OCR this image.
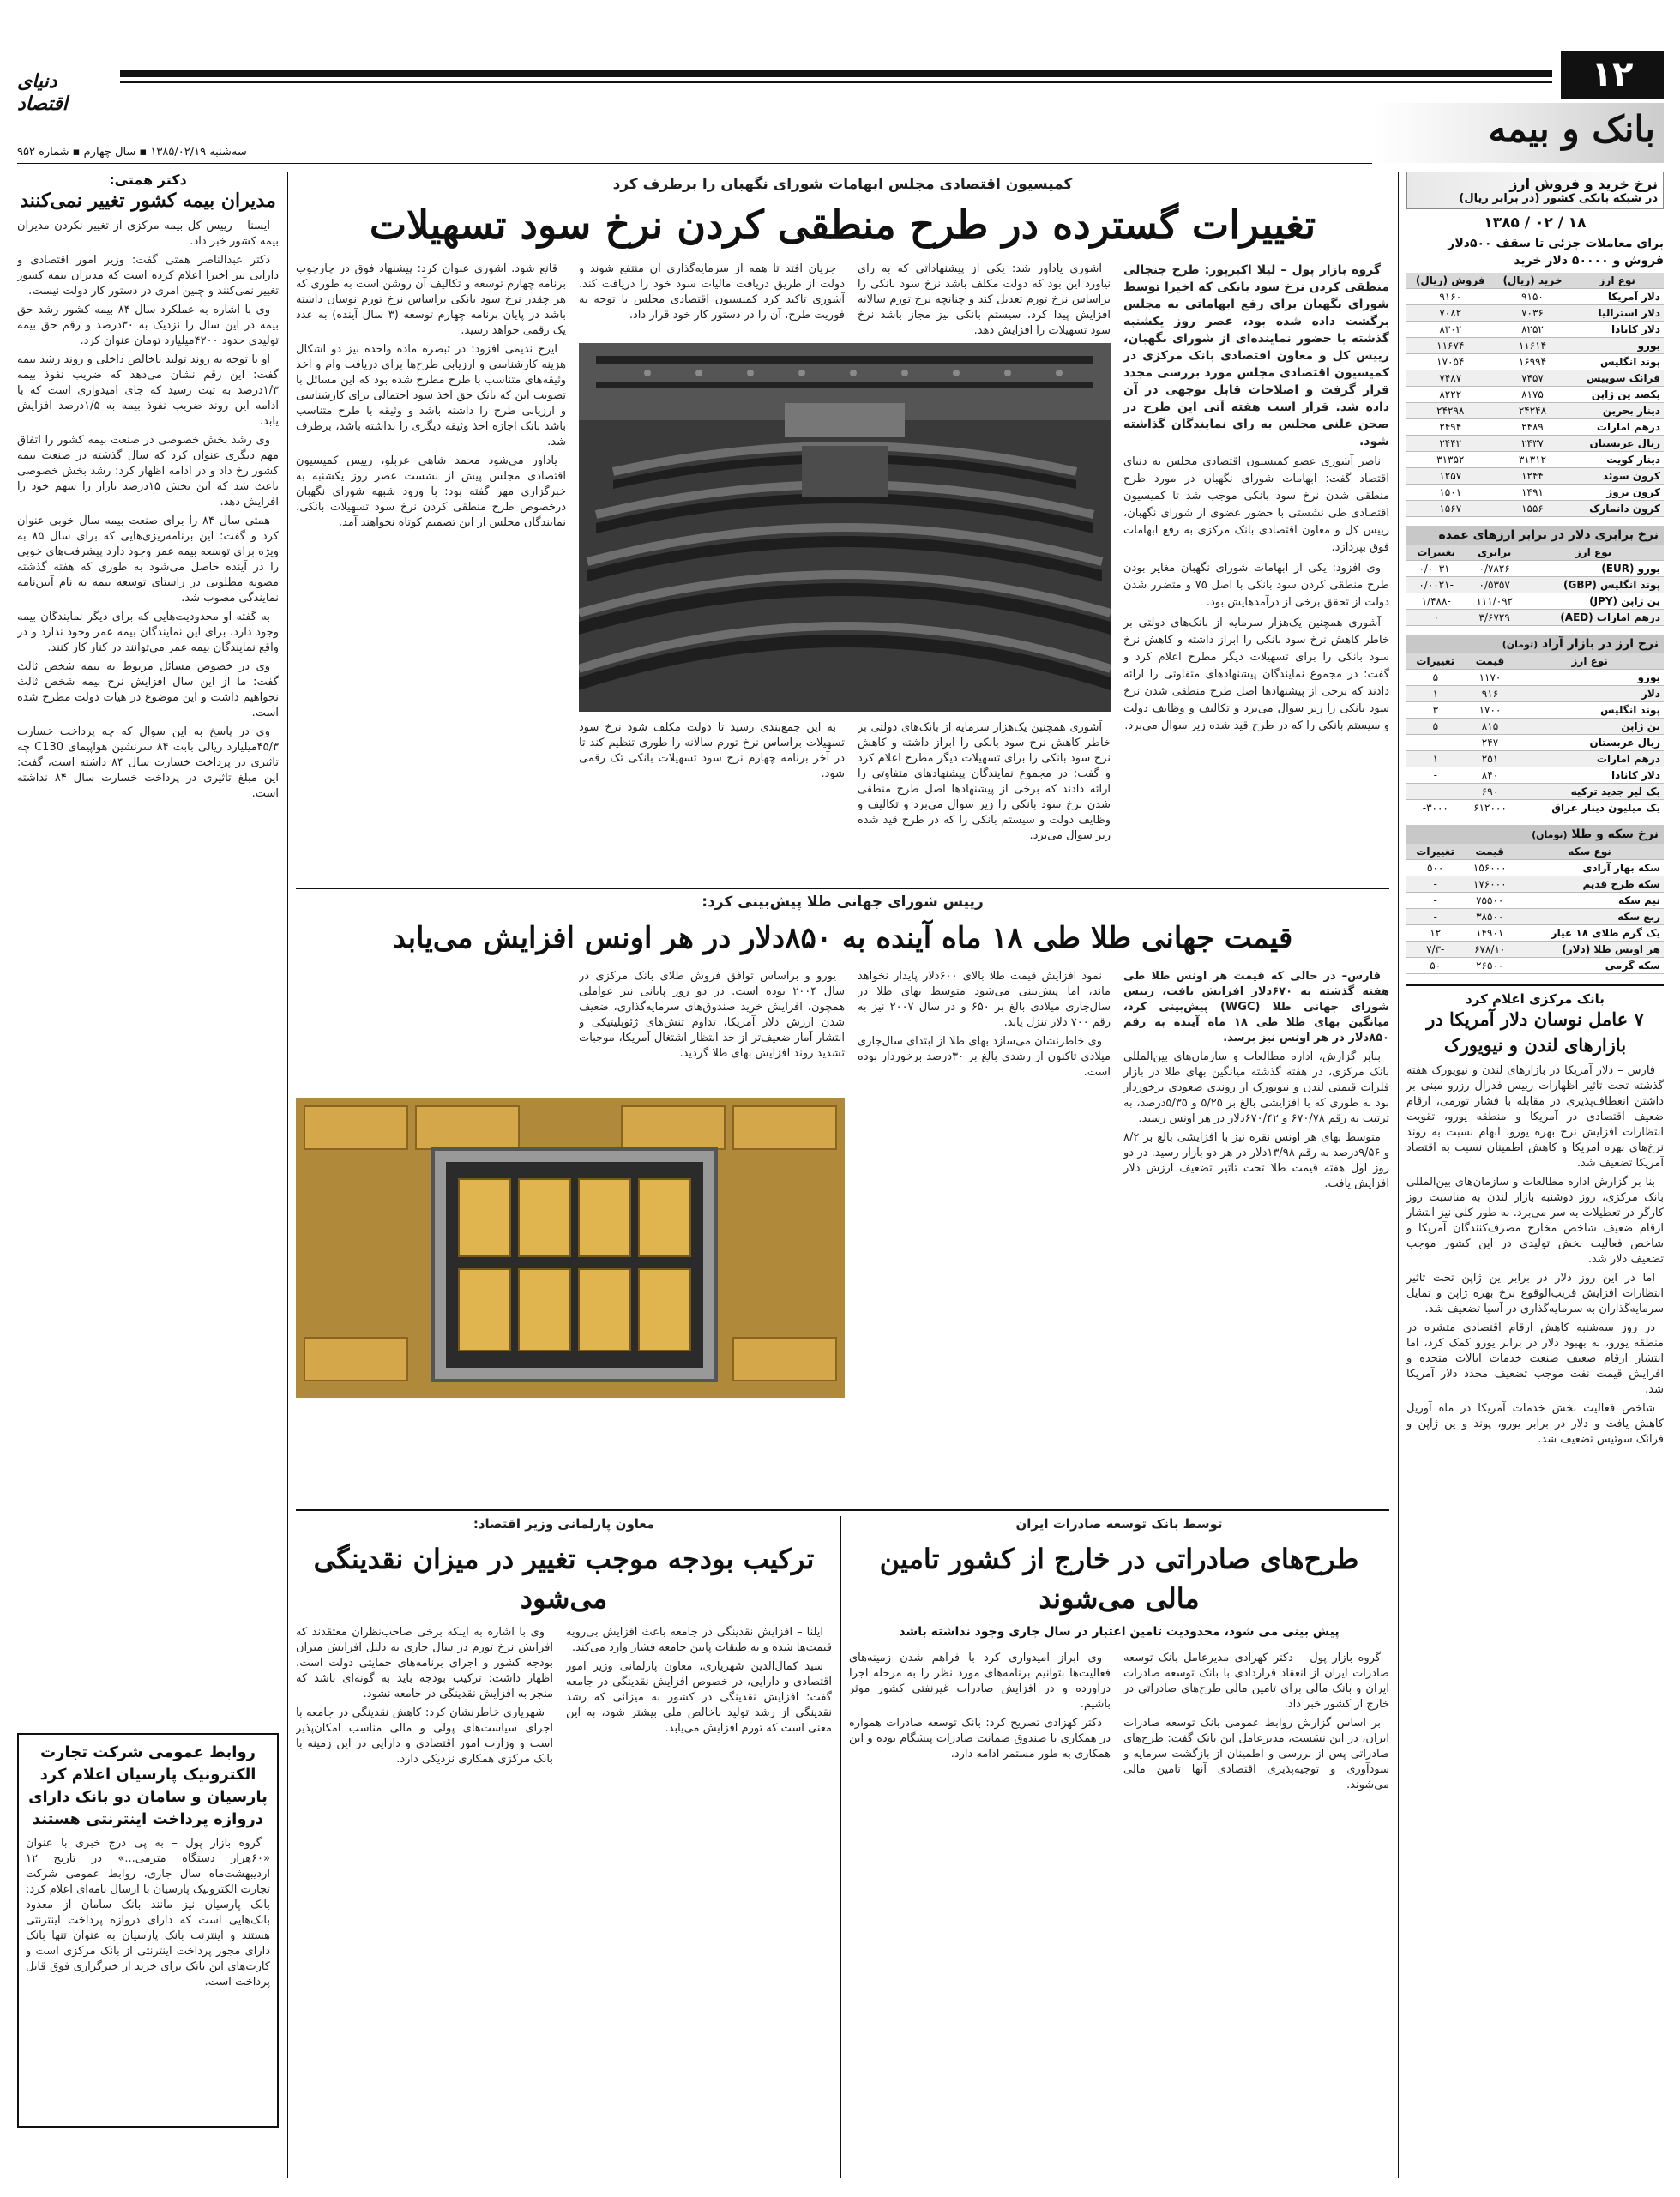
دنیای اقتصاد
١٢
بانک و بیمه
سه‌شنبه ۱۳۸۵/۰۲/۱۹ ▪ سال چهارم ▪ شماره ۹۵۲
دکتر همتی:
مدیران بیمه کشور تغییر نمی‌کنند

ایسنا – رییس کل بیمه مرکزی از تغییر نکردن مدیران بیمه کشور خبر داد.

دکتر عبدالناصر همتی گفت: وزیر امور اقتصادی و دارایی نیز اخیرا اعلام کرده است که مدیران بیمه کشور تغییر نمی‌کنند و چنین امری در دستور کار دولت نیست.

وی با اشاره به عملکرد سال ۸۴ بیمه کشور رشد حق بیمه در این سال را نزدیک به ۳۰درصد و رقم حق بیمه تولیدی حدود ۴۲۰۰میلیارد تومان عنوان کرد.

او با توجه به روند تولید ناخالص داخلی و روند رشد بیمه گفت: این رقم نشان می‌دهد که ضریب نفوذ بیمه ۱/۳درصد به ثبت رسید که جای امیدواری است که با ادامه این روند ضریب نفوذ بیمه به ۱/۵درصد افزایش یابد.

وی رشد بخش خصوصی در صنعت بیمه کشور را اتفاق مهم دیگری عنوان کرد که سال گذشته در صنعت بیمه کشور رخ داد و در ادامه اظهار کرد: رشد بخش خصوصی باعث شد که این بخش ۱۵درصد بازار را سهم خود را افزایش دهد.

همتی سال ۸۴ را برای صنعت بیمه سال خوبی عنوان کرد و گفت: این برنامه‌ریزی‌هایی که برای سال ۸۵ به ویژه برای توسعه بیمه عمر وجود دارد پیشرفت‌های خوبی را در آینده حاصل می‌شود به طوری که هفته گذشته مصوبه مطلوبی در راستای توسعه بیمه به نام آیین‌نامه نمایندگی مصوب شد.

به گفته او محدودیت‌هایی که برای دیگر نمایندگان بیمه وجود دارد، برای این نمایندگان بیمه عمر وجود ندارد و در واقع نمایندگان بیمه عمر می‌توانند در کنار کار کنند.

وی در خصوص مسائل مربوط به بیمه شخص ثالث گفت: ما از این سال افزایش نرخ بیمه شخص ثالث نخواهیم داشت و این موضوع در هیات دولت مطرح شده است.

وی در پاسخ به این سوال که چه پرداخت خسارت ۴۵/۳میلیارد ریالی بابت ۸۴ سرنشین هواپیمای C130 چه تاثیری در پرداخت خسارت سال ۸۴ داشته است، گفت: این مبلغ تاثیری در پرداخت خسارت سال ۸۴ نداشته است.

روابط عمومی شرکت تجارت الکترونیک پارسیان اعلام کرد پارسیان و سامان دو بانک دارای دروازه پرداخت اینترنتی هستند

گروه بازار پول – به پی درج خبری با عنوان «۶۰هزار دستگاه مترمی...» در تاریخ ۱۲ اردیبهشت‌ماه سال جاری، روابط عمومی شرکت تجارت الکترونیک پارسیان با ارسال نامه‌ای اعلام کرد: بانک پارسیان نیز مانند بانک سامان از معدود بانک‌هایی است که دارای دروازه پرداخت اینترنتی هستند و اینترنت بانک پارسیان به عنوان تنها بانک دارای مجوز پرداخت اینترنتی از بانک مرکزی است و کارت‌های این بانک برای خرید از خبرگزاری فوق قابل پرداخت است.

نرخ خرید و فروش ارز
در شبکه بانکی کشور (در برابر ریال)
۱۸ / ۰۲ / ۱۳۸۵
برای معاملات جزئی تا سقف ۵۰۰دلار فروش و ۵۰۰۰۰ دلار خرید
نوع ارز	خرید (ریال)	فروش (ریال)
دلار آمریکا	۹۱۵۰	۹۱۶۰
دلار استرالیا	۷۰۳۶	۷۰۸۲
دلار کانادا	۸۲۵۲	۸۳۰۲
یورو	۱۱۶۱۴	۱۱۶۷۴
پوند انگلیس	۱۶۹۹۴	۱۷۰۵۴
فرانک سوییس	۷۴۵۷	۷۴۸۷
یکصد ین ژاپن	۸۱۷۵	۸۲۲۲
دینار بحرین	۲۴۲۴۸	۲۴۲۹۸
درهم امارات	۲۴۸۹	۲۴۹۴
ریال عربستان	۲۴۳۷	۲۴۴۲
دینار کویت	۳۱۳۱۲	۳۱۳۵۲
کرون سوئد	۱۲۴۴	۱۲۵۷
کرون نروژ	۱۴۹۱	۱۵۰۱
کرون دانمارک	۱۵۵۶	۱۵۶۷
نرخ برابری دلار در برابر ارزهای عمده
نوع ارز	برابری	تغییرات
یورو (EUR)	۰/۷۸۲۶	-۰/۰۰۳۱
پوند انگلیس (GBP)	۰/۵۳۵۷	-۰/۰۰۲۱
ین ژاپن (JPY)	۱۱۱/۰۹۲	-۱/۴۸۸
درهم امارات (AED)	۳/۶۷۲۹	۰
نرخ ارز در بازار آزاد (تومان)
نوع ارز	قیمت	تغییرات
یورو	۱۱۷۰	۵
دلار	۹۱۶	۱
پوند انگلیس	۱۷۰۰	۳
ین ژاپن	۸۱۵	۵
ریال عربستان	۲۴۷	-
درهم امارات	۲۵۱	۱
دلار کانادا	۸۴۰	-
یک لیر جدید ترکیه	۶۹۰	-
یک میلیون دینار عراق	۶۱۲۰۰۰	۳۰۰۰-
نرخ سکه و طلا (تومان)
نوع سکه	قیمت	تغییرات
سکه بهار آزادی	۱۵۶۰۰۰	۵۰۰
سکه طرح قدیم	۱۷۶۰۰۰	-
نیم سکه	۷۵۵۰۰	-
ربع سکه	۳۸۵۰۰	-
یک گرم طلای ۱۸ عیار	۱۴۹۰۱	۱۲
هر اونس طلا (دلار)	۶۷۸/۱۰	-۷/۳
سکه گرمی	۲۶۵۰۰	۵۰
بانک مرکزی اعلام کرد
۷ عامل نوسان دلار آمریکا در بازارهای لندن و نیویورک

فارس – دلار آمریکا در بازارهای لندن و نیویورک هفته گذشته تحت تاثیر اظهارات رییس فدرال رزرو مبنی بر داشتن انعطاف‌پذیری در مقابله با فشار تورمی، ارقام ضعیف اقتصادی در آمریکا و منطقه یورو، تقویت انتظارات افزایش نرخ بهره یورو، ابهام نسبت به روند نرخ‌های بهره آمریکا و کاهش اطمینان نسبت به اقتصاد آمریکا تضعیف شد.

بنا بر گزارش اداره مطالعات و سازمان‌های بین‌المللی بانک مرکزی، روز دوشنبه بازار لندن به مناسبت روز کارگر در تعطیلات به سر می‌برد. به طور کلی نیز انتشار ارقام ضعیف شاخص مخارج مصرف‌کنندگان آمریکا و شاخص فعالیت بخش تولیدی در این کشور موجب تضعیف دلار شد.

اما در این روز دلار در برابر ین ژاپن تحت تاثیر انتظارات افزایش قریب‌الوقوع نرخ بهره ژاپن و تمایل سرمایه‌گذاران به سرمایه‌گذاری در آسیا تضعیف شد.

در روز سه‌شنبه کاهش ارقام اقتصادی متشره در منطقه یورو، به بهبود دلار در برابر یورو کمک کرد، اما انتشار ارقام ضعیف صنعت خدمات ایالات متحده و افزایش قیمت نفت موجب تضعیف مجدد دلار آمریکا شد.

شاخص فعالیت بخش خدمات آمریکا در ماه آوریل کاهش یافت و دلار در برابر یورو، پوند و ین ژاپن و فرانک سوئیس تضعیف شد.

کمیسیون اقتصادی مجلس ابهامات شورای نگهبان را برطرف کرد
تغییرات گسترده در طرح منطقی کردن نرخ سود تسهیلات

گروه بازار پول – لیلا اکبرپور: طرح جنجالی منطقی کردن نرخ سود بانکی که اخیرا توسط شورای نگهبان برای رفع ابهاماتی به مجلس برگشت داده شده بود، عصر روز یکشنبه گذشته با حضور نماینده‌ای از شورای نگهبان، رییس کل و معاون اقتصادی بانک مرکزی در کمیسیون اقتصادی مجلس مورد بررسی مجدد قرار گرفت و اصلاحات قابل توجهی در آن داده شد. قرار است هفته آتی این طرح در صحن علنی مجلس به رای نمایندگان گذاشته شود.

ناصر آشوری عضو کمیسیون اقتصادی مجلس به دنیای اقتصاد گفت: ابهامات شورای نگهبان در مورد طرح منطقی شدن نرخ سود بانکی موجب شد تا کمیسیون اقتصادی طی نشستی با حضور عضوی از شورای نگهبان، رییس کل و معاون اقتصادی بانک مرکزی به رفع ابهامات فوق بپردازد.

وی افزود: یکی از ابهامات شورای نگهبان مغایر بودن طرح منطقی کردن سود بانکی با اصل ۷۵ و متضرر شدن دولت از تحقق برخی از درآمدهایش بود.

آشوری همچنین یک‌هزار سرمایه از بانک‌های دولتی بر خاطر کاهش نرخ سود بانکی را ابراز داشته و کاهش نرخ سود بانکی را برای تسهیلات دیگر مطرح اعلام کرد و گفت: در مجموع نمایندگان پیشنهادهای متفاوتی را ارائه دادند که برخی از پیشنهادها اصل طرح منطقی شدن نرخ سود بانکی را زیر سوال می‌برد و تکالیف و وظایف دولت و سیستم بانکی را که در طرح قید شده زیر سوال می‌برد.

آشوری یادآور شد: یکی از پیشنهاداتی که به رای نیاورد این بود که دولت مکلف باشد نرخ سود بانکی را براساس نرخ تورم تعدیل کند و چنانچه نرخ تورم سالانه افزایش پیدا کرد، سیستم بانکی نیز مجاز باشد نرخ سود تسهیلات را افزایش دهد.

جریان افتد تا همه از سرمایه‌گذاری آن منتفع شوند و دولت از طریق دریافت مالیات سود خود را دریافت کند. آشوری تاکید کرد کمیسیون اقتصادی مجلس با توجه به فوریت طرح، آن را در دستور کار خود قرار داد.

قانع شود. آشوری عنوان کرد: پیشنهاد فوق در چارچوب برنامه چهارم توسعه و تکالیف آن روشن است به طوری که هر چقدر نرخ سود بانکی براساس نرخ تورم نوسان داشته باشد در پایان برنامه چهارم توسعه (۳ سال آینده) به عدد یک رقمی خواهد رسید.

ایرج ندیمی افزود: در تبصره ماده واحده نیز دو اشکال هزینه کارشناسی و ارزیابی طرح‌ها برای دریافت وام و اخذ وثیقه‌های متناسب با طرح مطرح شده بود که این مسائل با تصویب این که بانک حق اخذ سود احتمالی برای کارشناسی و ارزیابی طرح را داشته باشد و وثیقه با طرح متناسب باشد بانک اجازه اخذ وثیقه دیگری را نداشته باشد، برطرف شد.

یادآور می‌شود محمد شاهی عربلو، رییس کمیسیون اقتصادی مجلس پیش از نشست عصر روز یکشنبه به خبرگزاری مهر گفته بود: با ورود شبهه شورای نگهبان درخصوص طرح منطقی کردن نرخ سود تسهیلات بانکی، نمایندگان مجلس از این تصمیم کوتاه نخواهند آمد.

آشوری همچنین یک‌هزار سرمایه از بانک‌های دولتی بر خاطر کاهش نرخ سود بانکی را ابراز داشته و کاهش نرخ سود بانکی را برای تسهیلات دیگر مطرح اعلام کرد و گفت: در مجموع نمایندگان پیشنهادهای متفاوتی را ارائه دادند که برخی از پیشنهادها اصل طرح منطقی شدن نرخ سود بانکی را زیر سوال می‌برد و تکالیف و وظایف دولت و سیستم بانکی را که در طرح قید شده زیر سوال می‌برد.

به این جمع‌بندی رسید تا دولت مکلف شود نرخ سود تسهیلات براساس نرخ تورم سالانه را طوری تنظیم کند تا در آخر برنامه چهارم نرخ سود تسهیلات بانکی تک رقمی شود.

رییس شورای جهانی طلا پیش‌بینی کرد:
قیمت جهانی طلا طی ۱۸ ماه آینده به ۸۵۰دلار در هر اونس افزایش می‌یابد

فارس– در حالی که قیمت هر اونس طلا طی هفته گذشته به ۶۷۰دلار افزایش یافت، رییس شورای جهانی طلا (WGC) پیش‌بینی کرد، میانگین بهای طلا طی ۱۸ ماه آینده به رقم ۸۵۰دلار در هر اونس نیز برسد.

بنابر گزارش، اداره مطالعات و سازمان‌های بین‌المللی بانک مرکزی، در هفته گذشته میانگین بهای طلا در بازار فلزات قیمتی لندن و نیویورک از روندی صعودی برخوردار بود به طوری که با افزایشی بالغ بر ۵/۲۵ و ۵/۳۵درصد، به ترتیب به رقم ۶۷۰/۷۸ و ۶۷۰/۴۲دلار در هر اونس رسید.

متوسط بهای هر اونس نقره نیز با افزایشی بالغ بر ۸/۲ و ۹/۵۶درصد به رقم ۱۳/۹۸دلار در هر دو بازار رسید. در دو روز اول هفته قیمت طلا تحت تاثیر تضعیف ارزش دلار افزایش یافت.

نمود افزایش قیمت طلا بالای ۶۰۰دلار پایدار نخواهد ماند، اما پیش‌بینی می‌شود متوسط بهای طلا در سال‌جاری میلادی بالغ بر ۶۵۰ و در سال ۲۰۰۷ نیز به رقم ۷۰۰ دلار تنزل یابد.

وی خاطرنشان می‌سازد بهای طلا از ابتدای سال‌جاری میلادی تاکنون از رشدی بالغ بر ۳۰درصد برخوردار بوده است.

یورو و براساس توافق فروش طلای بانک مرکزی در سال ۲۰۰۴ بوده است. در دو روز پایانی نیز عواملی همچون، افزایش خرید صندوق‌های سرمایه‌گذاری، ضعیف شدن ارزش دلار آمریکا، تداوم تنش‌های ژئوپلیتیکی و انتشار آمار ضعیف‌تر از حد انتظار اشتغال آمریکا، موجبات تشدید روند افزایش بهای طلا گردید.

توسط بانک توسعه صادرات ایران
طرح‌های صادراتی در خارج از کشور تامین مالی می‌شوند
پیش بینی می شود، محدودیت تامین اعتبار در سال جاری وجود نداشته باشد

گروه بازار پول – دکتر کهزادی مدیرعامل بانک توسعه صادرات ایران از انعقاد قراردادی با بانک توسعه صادرات ایران و بانک مالی برای تامین مالی طرح‌های صادراتی در خارج از کشور خبر داد.

بر اساس گزارش روابط عمومی بانک توسعه صادرات ایران، در این نشست، مدیرعامل این بانک گفت: طرح‌های صادراتی پس از بررسی و اطمینان از بازگشت سرمایه و سودآوری و توجیه‌پذیری اقتصادی آنها تامین مالی می‌شوند.

وی ابراز امیدواری کرد با فراهم شدن زمینه‌های فعالیت‌ها بتوانیم برنامه‌های مورد نظر را به مرحله اجرا درآورده و در افزایش صادرات غیرنفتی کشور موثر باشیم.

دکتر کهزادی تصریح کرد: بانک توسعه صادرات همواره در همکاری با صندوق ضمانت صادرات پیشگام بوده و این همکاری به طور مستمر ادامه دارد.

معاون پارلمانی وزیر اقتصاد:
ترکیب بودجه موجب تغییر در میزان نقدینگی می‌شود

ایلنا – افزایش نقدینگی در جامعه باعث افزایش بی‌رویه قیمت‌ها شده و به طبقات پایین جامعه فشار وارد می‌کند.

سید کمال‌الدین شهریاری، معاون پارلمانی وزیر امور اقتصادی و دارایی، در خصوص افزایش نقدینگی در جامعه گفت: افزایش نقدینگی در کشور به میزانی که رشد نقدینگی از رشد تولید ناخالص ملی بیشتر شود، به این معنی است که تورم افزایش می‌یابد.

وی با اشاره به اینکه برخی صاحب‌نظران معتقدند که افزایش نرخ تورم در سال جاری به دلیل افزایش میزان بودجه کشور و اجرای برنامه‌های حمایتی دولت است، اظهار داشت: ترکیب بودجه باید به گونه‌ای باشد که منجر به افزایش نقدینگی در جامعه نشود.

شهریاری خاطرنشان کرد: کاهش نقدینگی در جامعه با اجرای سیاست‌های پولی و مالی مناسب امکان‌پذیر است و وزارت امور اقتصادی و دارایی در این زمینه با بانک مرکزی همکاری نزدیکی دارد.
